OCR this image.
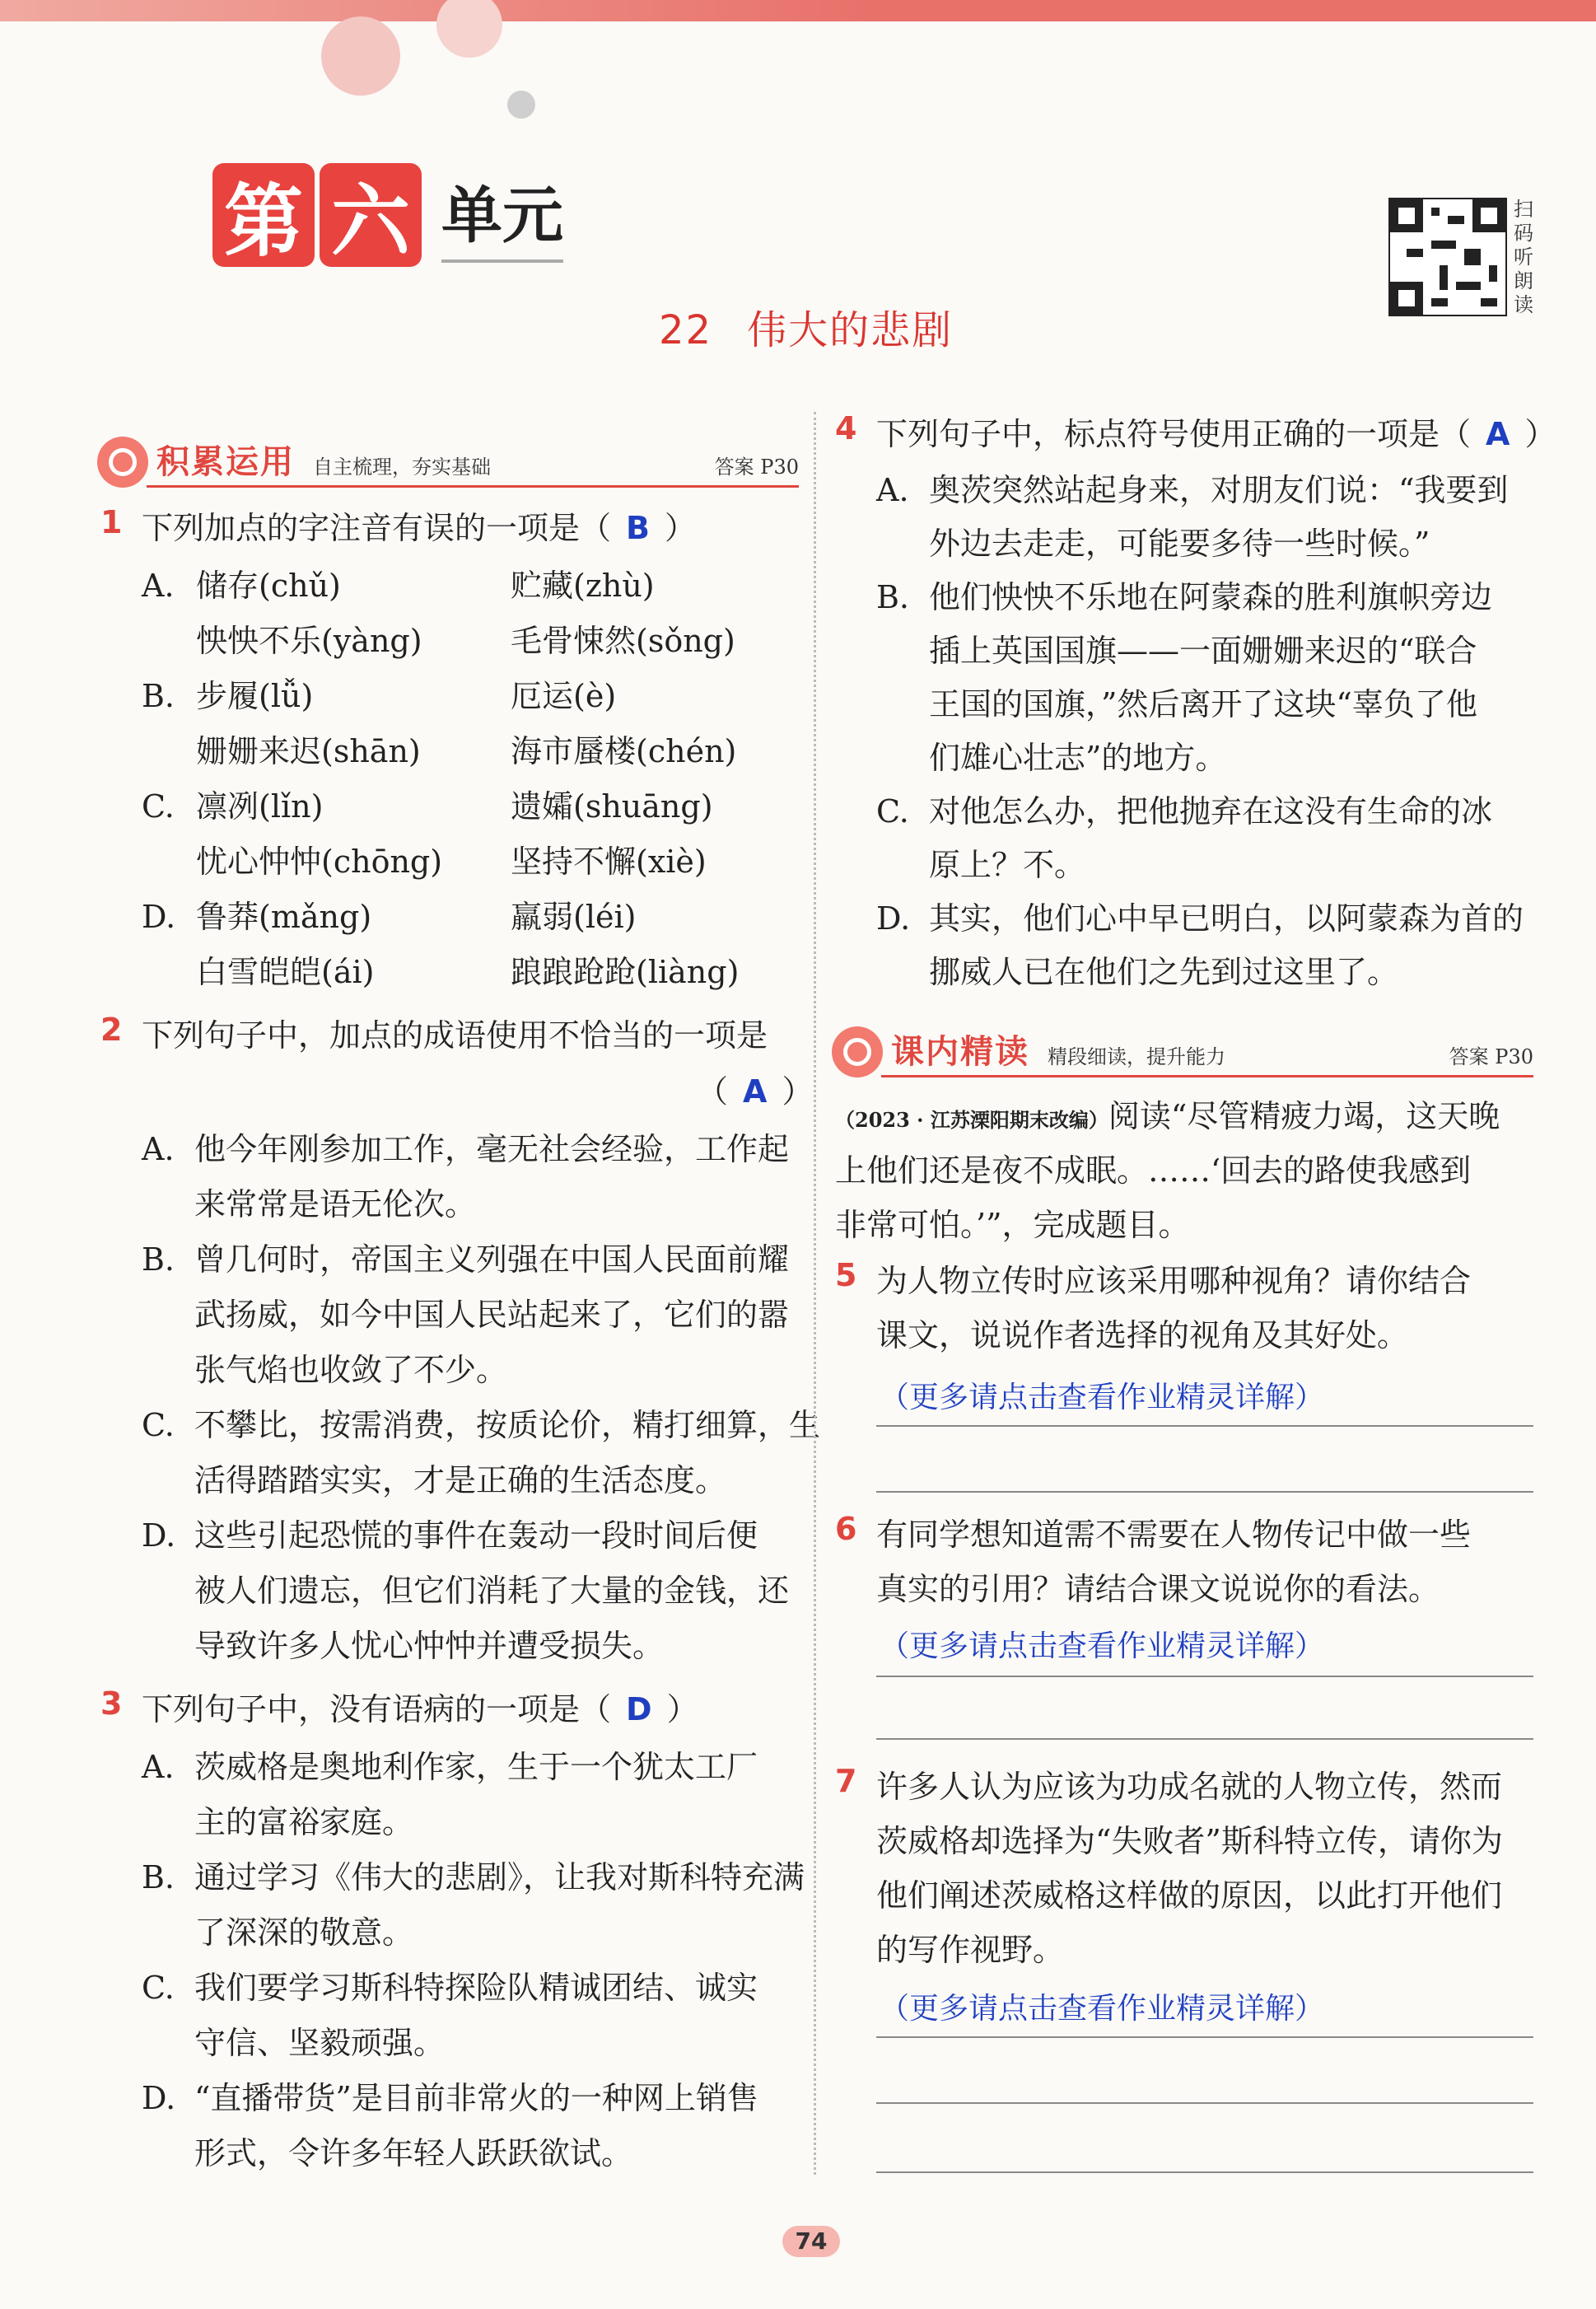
第 六 单元	扫码听朗读
22 伟大的悲剧
积累运用 自主梳理，夯实基础	答案 P30
1 下列加点的字注音有误的一项是（ B ）
A. 储存(chǔ)	贮藏(zhù)
怏怏不乐(yàng)	毛骨悚然(sǒng)
B. 步履(lǚ)	厄运(è)
姗姗来迟(shān)	海市蜃楼(chén)
C. 凛冽(lǐn)	遗孀(shuāng)
忧心忡忡(chōng) 坚持不懈(xiè)
D. 鲁莽(mǎng)	羸弱(léi)
白雪皑皑(ái)	踉踉跄跄(liàng)
2 下列句子中，加点的成语使用不恰当的一项是
（ A ）
A. 他今年刚参加工作，毫无社会经验，工作起
来常常是语无伦次。
B. 曾几何时，帝国主义列强在中国人民面前耀
武扬威，如今中国人民站起来了，它们的嚣
张气焰也收敛了不少。
C. 不攀比，按需消费，按质论价，精打细算，生
活得踏踏实实，才是正确的生活态度。
D. 这些引起恐慌的事件在轰动一段时间后便
被人们遗忘，但它们消耗了大量的金钱，还
导致许多人忧心忡忡并遭受损失。
3 下列句子中，没有语病的一项是（ D ）
A. 茨威格是奥地利作家，生于一个犹太工厂
主的富裕家庭。
B. 通过学习《伟大的悲剧》，让我对斯科特充满
了深深的敬意。
C. 我们要学习斯科特探险队精诚团结、诚实
守信、坚毅顽强。
D. “直播带货”是目前非常火的一种网上销售
形式，令许多年轻人跃跃欲试。
4 下列句子中，标点符号使用正确的一项是（ A ）
A. 奥茨突然站起身来，对朋友们说：“我要到
外边去走走，可能要多待一些时候。”
B. 他们怏怏不乐地在阿蒙森的胜利旗帜旁边
插上英国国旗——一面姗姗来迟的“联合
王国的国旗，”然后离开了这块“辜负了他
们雄心壮志”的地方。
C. 对他怎么办，把他抛弃在这没有生命的冰
原上？不。
D. 其实，他们心中早已明白，以阿蒙森为首的
挪威人已在他们之先到过这里了。
课内精读 精段细读，提升能力	答案 P30
（2023 · 江苏溧阳期末改编）阅读“尽管精疲力竭，这天晚
上他们还是夜不成眠。……‘回去的路使我感到
非常可怕。’”，完成题目。
5 为人物立传时应该采用哪种视角？请你结合
课文，说说作者选择的视角及其好处。
（更多请点击查看作业精灵详解）
6 有同学想知道需不需要在人物传记中做一些
真实的引用？请结合课文说说你的看法。
（更多请点击查看作业精灵详解）
7 许多人认为应该为功成名就的人物立传，然而
茨威格却选择为“失败者”斯科特立传，请你为
他们阐述茨威格这样做的原因，以此打开他们
的写作视野。
（更多请点击查看作业精灵详解）
74
